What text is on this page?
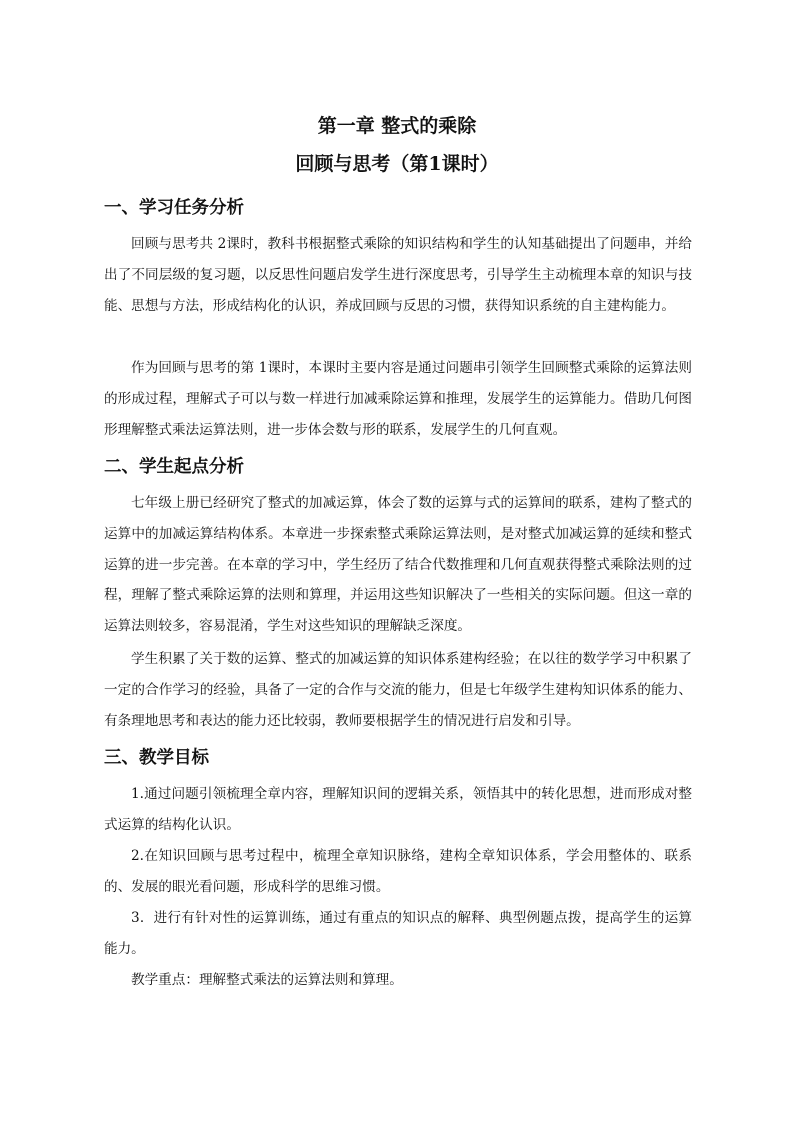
第一章 整式的乘除
回顾与思考（第1课时）
一、学习任务分析

回顾与思考共 2课时，教科书根据整式乘除的知识结构和学生的认知基础提出了问题串，并给出了不同层级的复习题，以反思性问题启发学生进行深度思考，引导学生主动梳理本章的知识与技能、思想与方法，形成结构化的认识，养成回顾与反思的习惯，获得知识系统的自主建构能力。

作为回顾与思考的第 1课时，本课时主要内容是通过问题串引领学生回顾整式乘除的运算法则的形成过程，理解式子可以与数一样进行加减乘除运算和推理，发展学生的运算能力。借助几何图形理解整式乘法运算法则，进一步体会数与形的联系，发展学生的几何直观。

二、学生起点分析

七年级上册已经研究了整式的加减运算，体会了数的运算与式的运算间的联系，建构了整式的运算中的加减运算结构体系。本章进一步探索整式乘除运算法则，是对整式加减运算的延续和整式运算的进一步完善。在本章的学习中，学生经历了结合代数推理和几何直观获得整式乘除法则的过程，理解了整式乘除运算的法则和算理，并运用这些知识解决了一些相关的实际问题。但这一章的运算法则较多，容易混淆，学生对这些知识的理解缺乏深度。

学生积累了关于数的运算、整式的加减运算的知识体系建构经验；在以往的数学学习中积累了一定的合作学习的经验，具备了一定的合作与交流的能力，但是七年级学生建构知识体系的能力、有条理地思考和表达的能力还比较弱，教师要根据学生的情况进行启发和引导。

三、教学目标

1.通过问题引领梳理全章内容，理解知识间的逻辑关系，领悟其中的转化思想，进而形成对整式运算的结构化认识。

2.在知识回顾与思考过程中，梳理全章知识脉络，建构全章知识体系，学会用整体的、联系的、发展的眼光看问题，形成科学的思维习惯。

3．进行有针对性的运算训练，通过有重点的知识点的解释、典型例题点拨，提高学生的运算能力。

教学重点：理解整式乘法的运算法则和算理。
